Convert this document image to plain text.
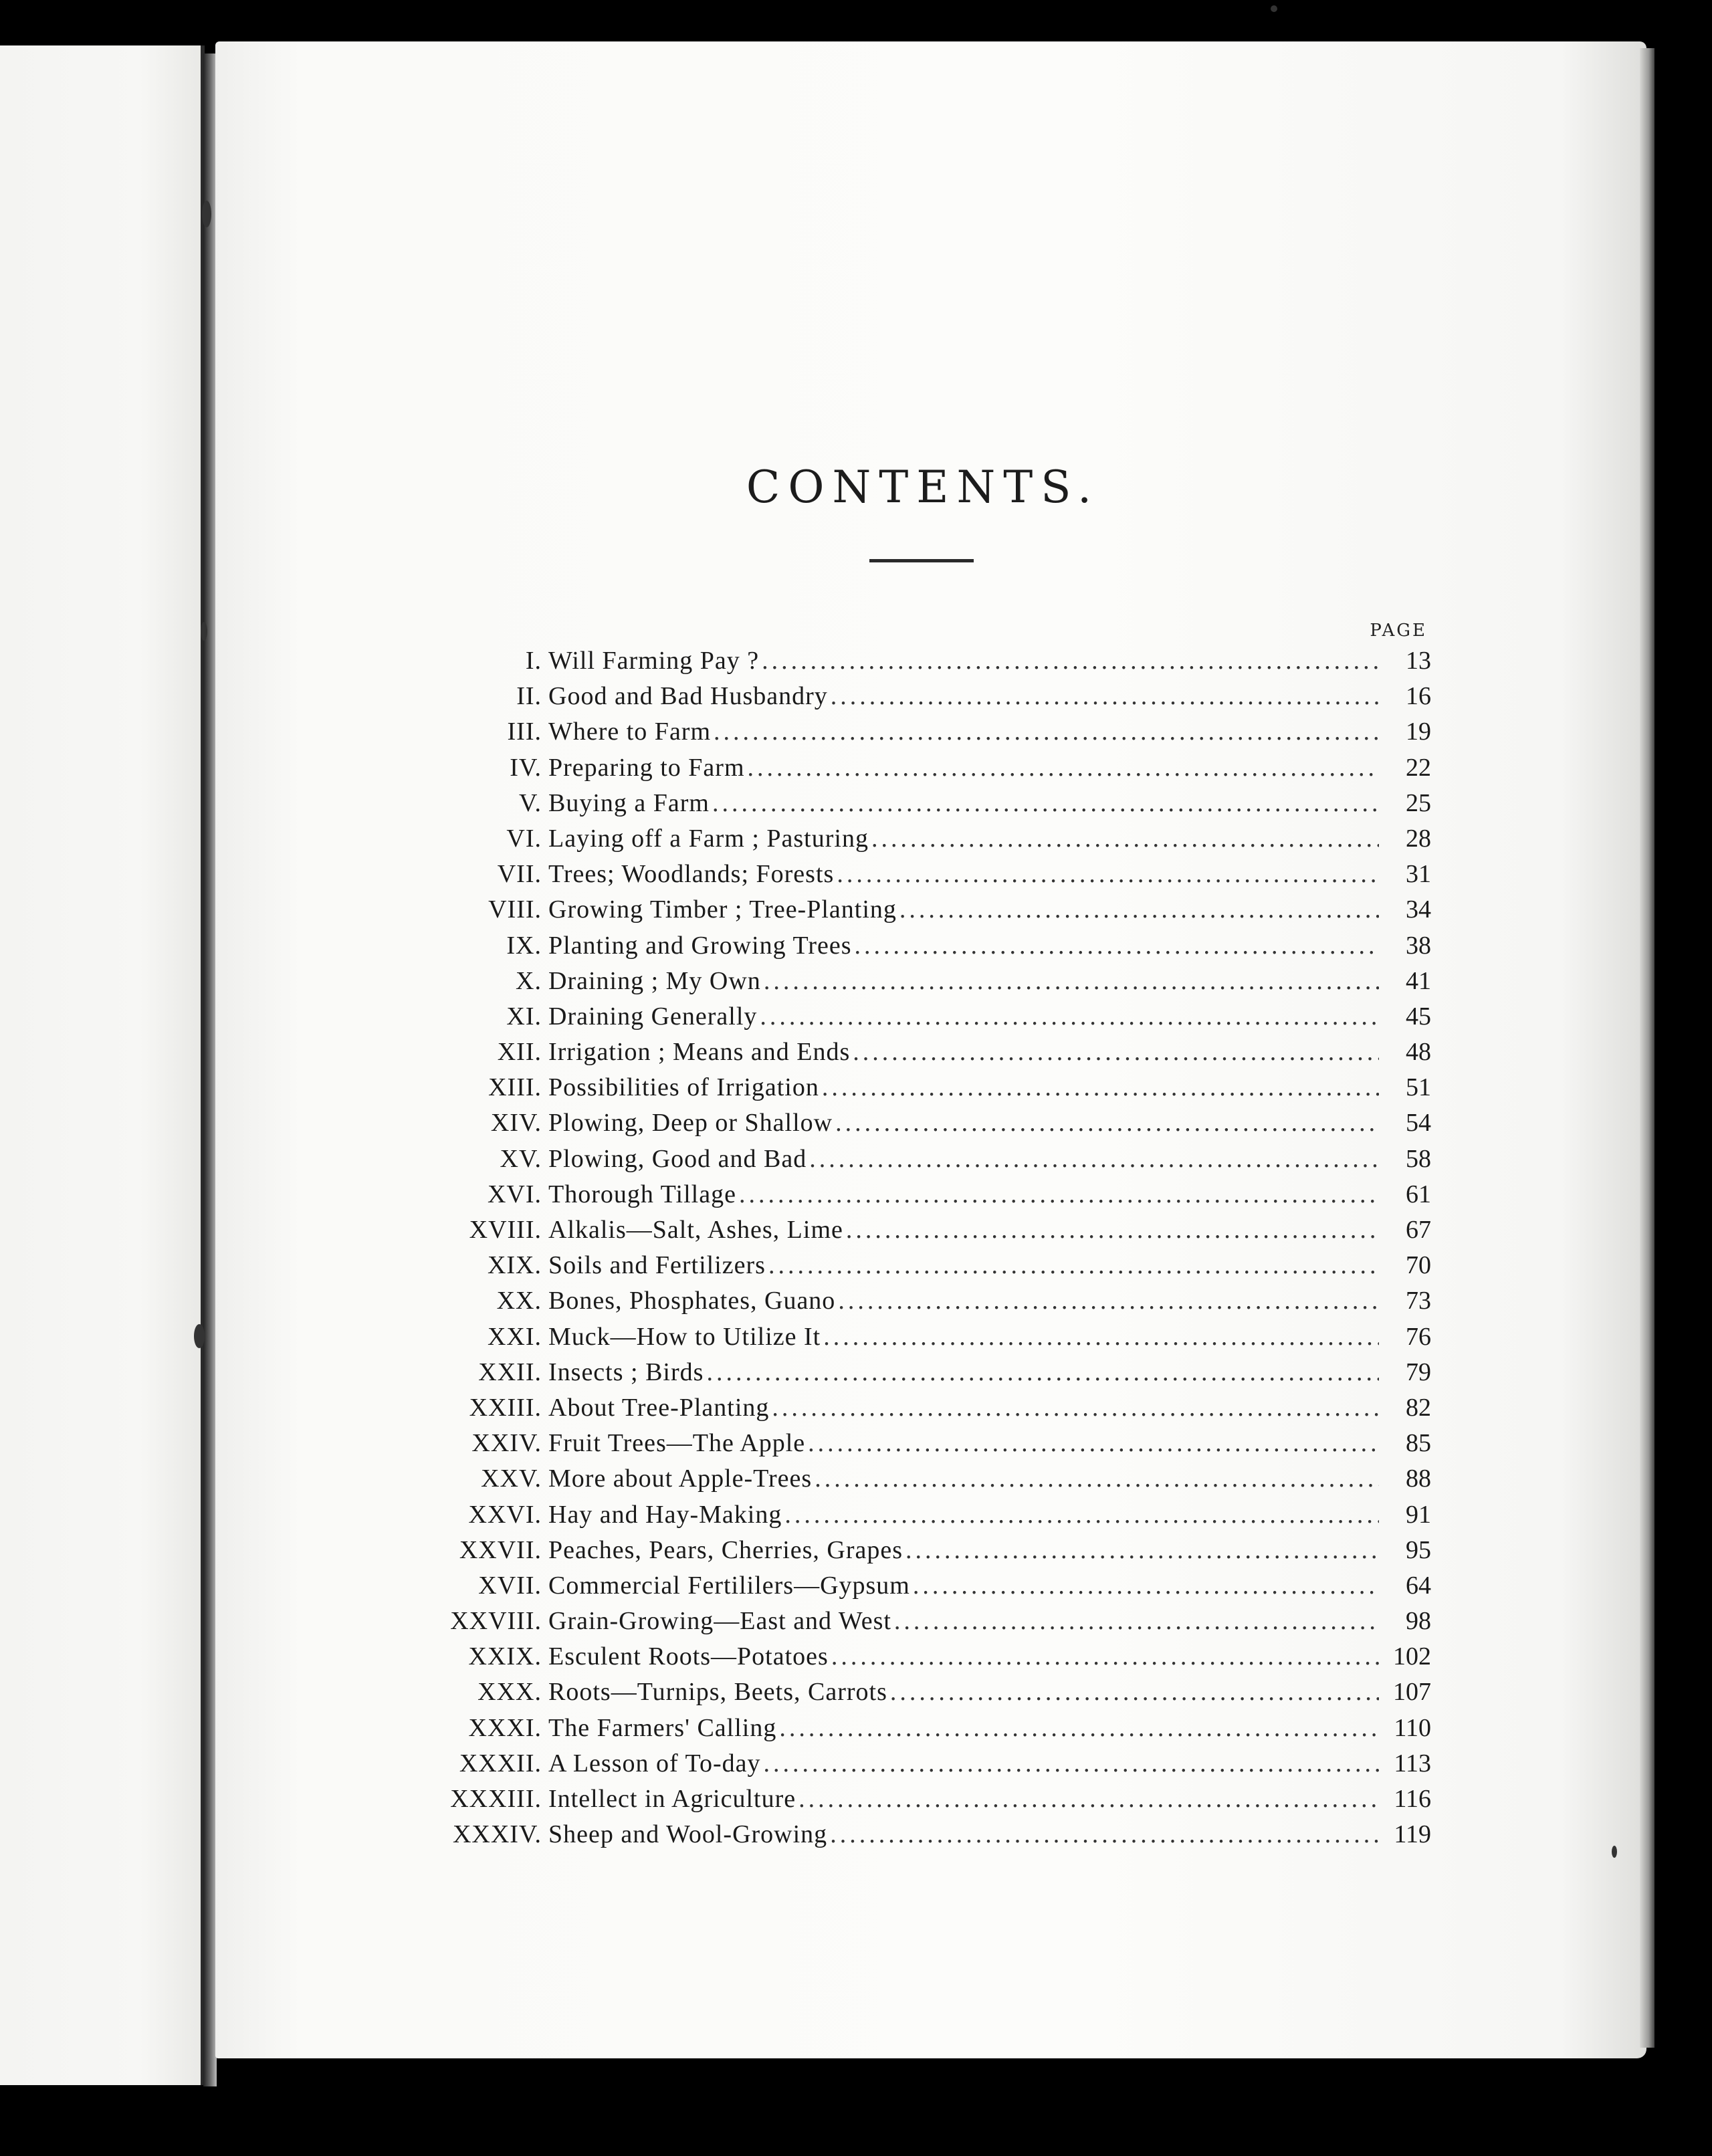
CONTENTS.
PAGE
I. Will Farming Pay ? .....	13
II. Good and Bad Husbandry .....	16
III. Where to Farm .....	19
IV. Preparing to Farm .....	22
V. Buying a Farm .....	25
VI. Laying off a Farm ; Pasturing .....	28
VII. Trees; Woodlands; Forests .....	31
VIII. Growing Timber ; Tree-Planting .....	34
IX. Planting and Growing Trees .....	38
X. Draining ; My Own .....	41
XI. Draining Generally .....	45
XII. Irrigation ; Means and Ends .....	48
XIII. Possibilities of Irrigation .....	51
XIV. Plowing, Deep or Shallow .....	54
XV. Plowing, Good and Bad .....	58
XVI. Thorough Tillage .....	61
XVIII. Alkalis—Salt, Ashes, Lime .....	67
XIX. Soils and Fertilizers .....	70
XX. Bones, Phosphates, Guano .....	73
XXI. Muck—How to Utilize It .....	76
XXII. Insects ; Birds .....	79
XXIII. About Tree-Planting .....	82
XXIV. Fruit Trees—The Apple .....	85
XXV. More about Apple-Trees .....	88
XXVI. Hay and Hay-Making .....	91
XXVII. Peaches, Pears, Cherries, Grapes .....	95
XVII. Commercial Fertililers—Gypsum .....	64
XXVIII. Grain-Growing—East and West .....	98
XXIX. Esculent Roots—Potatoes .....	102
XXX. Roots—Turnips, Beets, Carrots .....	107
XXXI. The Farmers' Calling .....	110
XXXII. A Lesson of To-day .....	113
XXXIII. Intellect in Agriculture .....	116
XXXIV. Sheep and Wool-Growing .....	119
